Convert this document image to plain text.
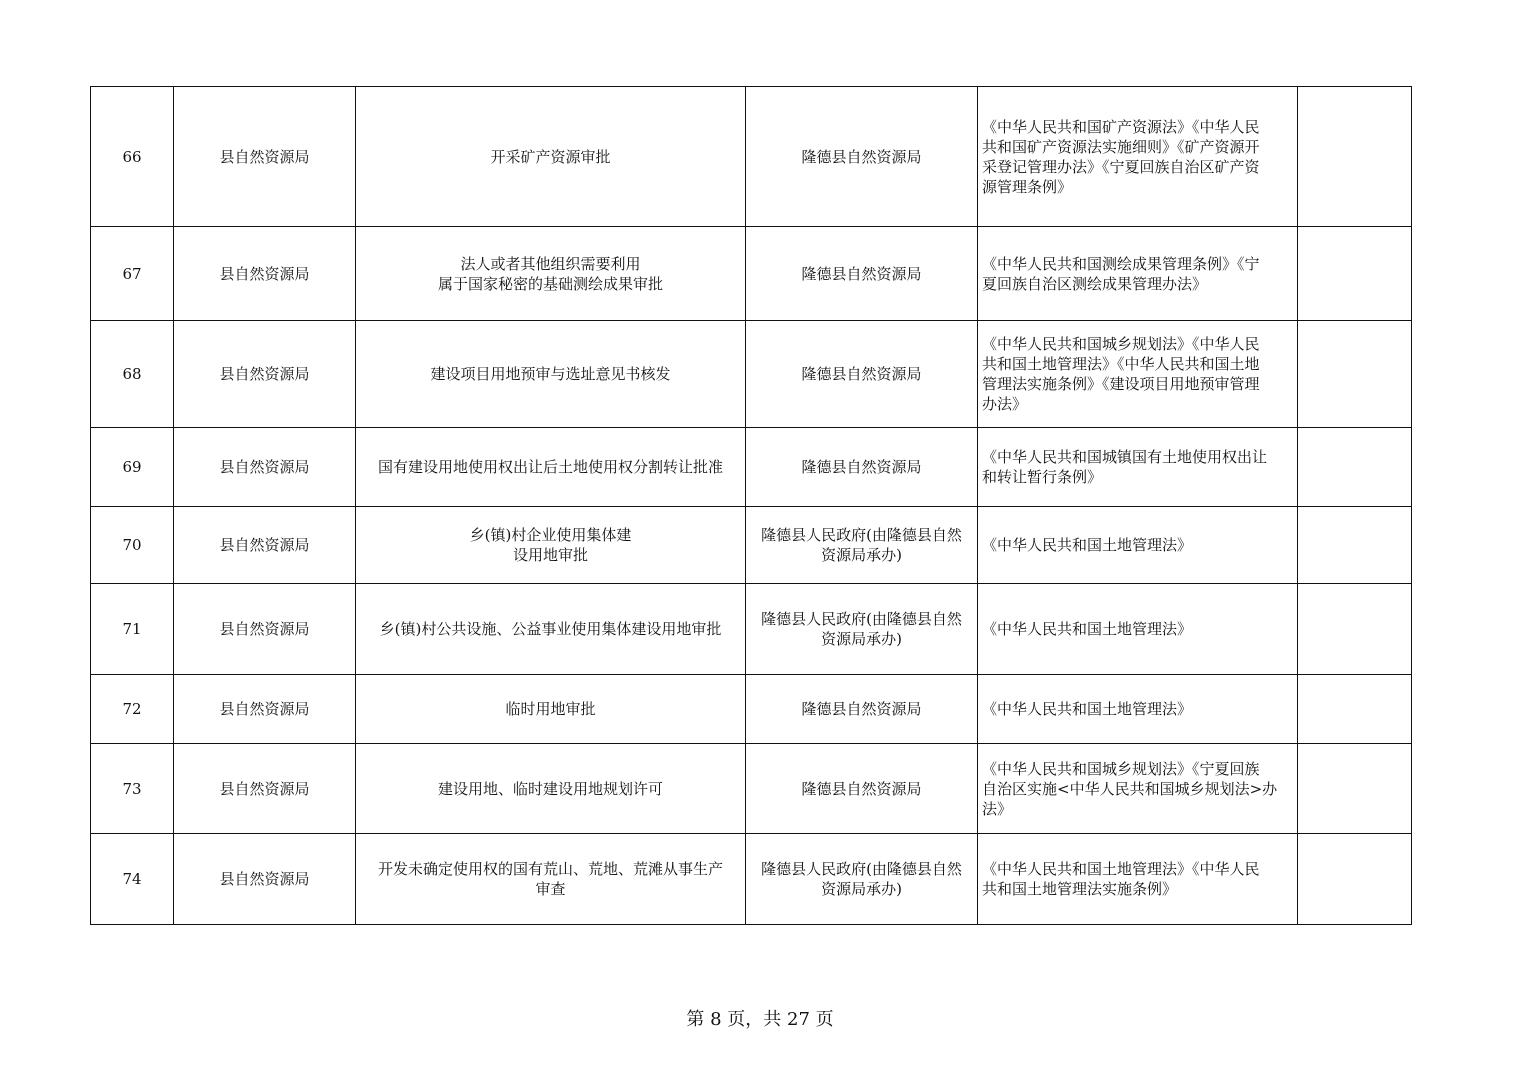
66	县自然资源局	开采矿产资源审批	隆德县自然资源局	《中华人民共和国矿产资源法》《中华人民
共和国矿产资源法实施细则》《矿产资源开
采登记管理办法》《宁夏回族自治区矿产资
源管理条例》	

67	县自然资源局	法人或者其他组织需要利用
属于国家秘密的基础测绘成果审批	隆德县自然资源局	《中华人民共和国测绘成果管理条例》《宁
夏回族自治区测绘成果管理办法》	

68	县自然资源局	建设项目用地预审与选址意见书核发	隆德县自然资源局	《中华人民共和国城乡规划法》《中华人民
共和国土地管理法》《中华人民共和国土地
管理法实施条例》《建设项目用地预审管理
办法》	

69	县自然资源局	国有建设用地使用权出让后土地使用权分割转让批准	隆德县自然资源局	《中华人民共和国城镇国有土地使用权出让
和转让暂行条例》	

70	县自然资源局	乡(镇)村企业使用集体建
设用地审批	隆德县人民政府(由隆德县自然
资源局承办)	《中华人民共和国土地管理法》	

71	县自然资源局	乡(镇)村公共设施、公益事业使用集体建设用地审批	隆德县人民政府(由隆德县自然
资源局承办)	《中华人民共和国土地管理法》	

72	县自然资源局	临时用地审批	隆德县自然资源局	《中华人民共和国土地管理法》	

73	县自然资源局	建设用地、临时建设用地规划许可	隆德县自然资源局	《中华人民共和国城乡规划法》《宁夏回族
自治区实施<中华人民共和国城乡规划法>办
法》	

74	县自然资源局	开发未确定使用权的国有荒山、荒地、荒滩从事生产
审查	隆德县人民政府(由隆德县自然
资源局承办)	《中华人民共和国土地管理法》《中华人民
共和国土地管理法实施条例》	

第 8 页，共 27 页
